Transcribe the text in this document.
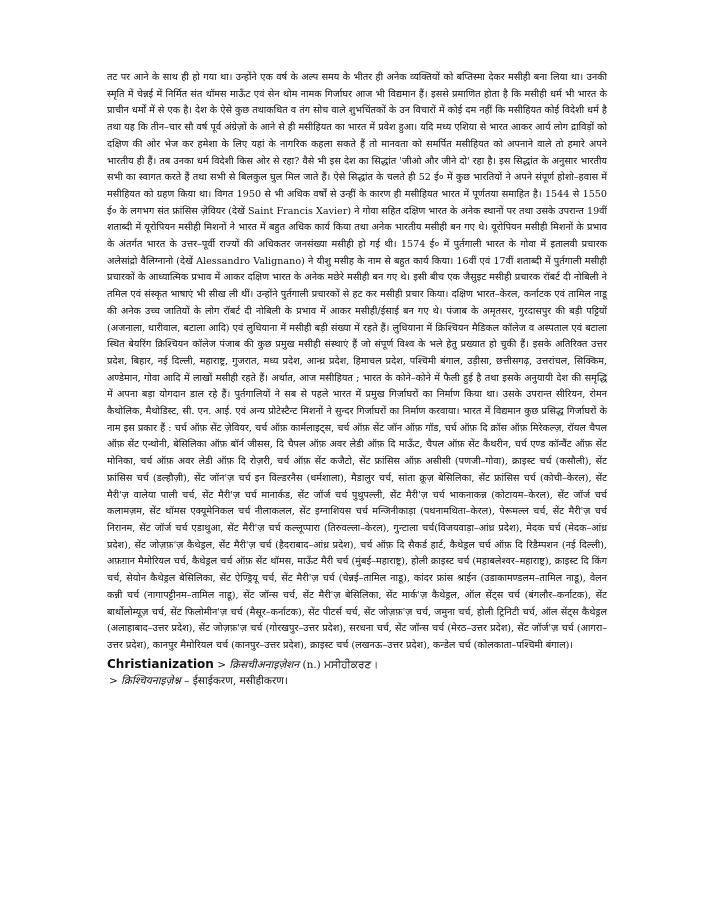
तट पर आने के साथ ही हो गया था। उन्होंने एक वर्ष के अल्प समय के भीतर ही अनेक व्यक्तियों को बप्तिस्मा देकर मसीही बना लिया था। उनकी स्मृति में चेन्नई में निर्मित संत थॉमस माऊँट एवं सेन थोम नामक गिर्जाघर आज भी विद्यमान हैं। इससे प्रमाणित होता है कि मसीही धर्म भी भारत के प्राचीन धर्मों में से एक है। देश के ऐसे कुछ तथाकथित व तंग सोच वाले शुभचिंतकों के उन विचारों में कोई दम नहीं कि मसीहियत कोई विदेशी धर्म है तथा यह कि तीन–चार सौ वर्ष पूर्व अंग्रेज़ों के आने से ही मसीहियत का भारत में प्रवेश हुआ। यदि मध्य एशिया से भारत आकर आर्य लोग द्राविड़ों को दक्षिण की ओर भेज कर हमेशा के लिए यहां के नागरिक कहला सकते हैं तो मानवता को समर्पित मसीहियत को अपनाने वाले तो हमारे अपने भारतीय ही हैं। तब उनका धर्म विदेशी किस ओर से रहा? वैसे भी इस देश का सिद्धांत 'जीओ और जीने दो' रहा है। इस सिद्धांत के अनुसार भारतीय सभी का स्वागत करते हैं तथा सभी से बिलकुल घुल मिल जाते हैं। ऐसे सिद्धांत के चलते ही 52 ई० में कुछ भारतियों ने अपने संपूर्ण होशो–हवास में मसीहियत को ग्रहण किया था। विगत 1950 से भी अधिक वर्षों से उन्हीं के कारण ही मसीहियत भारत में पूर्णतया समाहित है। 1544 से 1550 ई० के लगभग संत फ्रांसिस ज़ेवियर (देखें Saint Francis Xavier) ने गोवा सहित दक्षिण भारत के अनेक स्थानों पर तथा उसके उपरान्त 19वीं शताब्दी में यूरोपियन मसीही मिशनों ने भारत में बहुत अधिक कार्य किया तथा अनेक भारतीय मसीही बन गए थे। यूरोपियन मसीही मिशनों के प्रभाव के अंतर्गत भारत के उत्तर–पूर्वी राज्यों की अधिकतर जनसंख्या मसीही हो गई थी। 1574 ई० में पुर्तगाली भारत के गोवा में इतालवी प्रचारक अलेसांद्रो वैलिग्नानो (देखें Alessandro Valignano) ने यीशु मसीह के नाम से बहुत कार्य किया। 16वीं एवं 17वीं शताब्दी में पुर्तगाली मसीही प्रचारकों के आध्यात्मिक प्रभाव में आकर दक्षिण भारत के अनेक मछेरे मसीही बन गए थे। इसी बीच एक जैसुइट मसीही प्रचारक रॉबर्ट दी नोबिली ने तमिल एवं संस्कृत भाषाएं भी सीख ली थीं। उन्होंने पुर्तगाली प्रचारकों से हट कर मसीही प्रचार किया। दक्षिण भारत–केरल, कर्नाटक एवं तामिल नाडू की अनेक उच्च जातियों के लोग रॉबर्ट दी नोबिली के प्रभाव में आकर मसीही/ईसाई बन गए थे। पंजाब के अमृतसर, गुरदासपुर की बड़ी पट्टियों (अजनाला, धारीवाल, बटाला आदि) एवं लुधियाना में मसीही बड़ी संख्या में रहते हैं। लुधियाना में क्रिश्चियन मैडिकल कॉलेज व अस्पताल एवं बटाला स्थित बेयरिंग क्रिश्चियन कॉलेज पंजाब की कुछ प्रमुख मसीही संस्थाएं हैं जो संपूर्ण विश्व के भले हेतु प्रख्यात हो चुकी हैं। इसके अतिरिक्त उत्तर प्रदेश, बिहार, नई दिल्ली, महाराष्ट्र, गुजरात, मध्य प्रदेश, आन्ध्र प्रदेश, हिमाचल प्रदेश, पश्चिमी बंगाल, उड़ीसा, छत्तीसगढ़, उत्तरांचल, सिक्किम, अण्डेमान, गोवा आदि में लाखों मसीही रहते हैं। अर्थात, आज मसीहियत ; भारत के कोने–कोने में फैली हुई है तथा इसके अनुयायी देश की समृद्धि में अपना बड़ा योगदान डाल रहे हैं। पुर्तगालियों ने सब से पहले भारत में प्रमुख गिर्जाघरों का निर्माण किया था। उसके उपरान्त सीरियन, रोमन कैथोलिक, मैथोडिस्ट, सी. एन. आई. एवं अन्य प्रोटेस्टैन्ट मिशनों ने सुन्दर गिर्जाघरों का निर्माण करवाया। भारत में विद्यमान कुछ प्रसिद्ध गिर्जाघरों के नाम इस प्रकार हैं : चर्च ऑफ़ सेंट ज़ेवियर, चर्च ऑफ़ कार्मलाइट्स, चर्च ऑफ़ सेंट जॉन ऑफ़ गॉड, चर्च ऑफ़ दि क्रॉस ऑफ़ मिरेकल्ज़, रॉयल चैपल ऑफ़ सेंट एन्थोनी, बेसिलिका ऑफ़ बॉर्न जीसस, दि चैपल ऑफ़ अवर लेडी ऑफ़ दि माऊँट, चैपल ऑफ़ सेंट कैथरीन, चर्च एण्ड कॉन्वैंट ऑफ़ सेंट मोनिका, चर्च ऑफ़ अवर लेडी ऑफ़ दि रोज़री, चर्च ऑफ़ सेंट कजैटो, सेंट फ्रांसिस ऑफ़ असीसी (पणजी–गोवा), क्राइस्ट चर्च (कसौली), सेंट फ्रांसिस चर्च (डल्हौज़ी), सेंट जॉन'ज़ चर्च इन विल्डरनैस (धर्मशाला), मैडालुर चर्च, सांता क्रूज़ बेसिलिका, सेंट फ्रांसिस चर्च (कोची–केरल), सेंट मैरी'ज़ वालेया पाली चर्च, सेंट मैरी'ज़ चर्च मानार्कड, सेंट जॉर्ज चर्च पुथुपल्ली, सेंट मैरी'ज़ चर्च भाकनाकन्न (कोटायम–केरल), सेंट जॉर्ज चर्च कलामज़म, सेंट थॉमस एक्यूमेनिकल चर्च नीलाकलल, सेंट इग्नाशियस चर्च मन्जिनीकाड़ा (पथनामथिता–केरल), पेरूमल्ल चर्च, सेंट मैरी'ज़ चर्च निरानम, सेंट जॉर्ज चर्च एडाथुआ, सेंट मैरी'ज़ चर्च कल्लूप्पारा (तिरुवल्ला–केरल), गुन्टाला चर्च(विजयवाड़ा–आंध्र प्रदेश), मेदक चर्च (मेदक–आंध्र प्रदेश), सेंट जोज़फ़'ज़ कैथेड्रल, सेंट मैरी'ज़ चर्च (हैदराबाद–आंध्र प्रदेश), चर्च ऑफ़ दि सैकर्ड हार्ट, कैथेड्रल चर्च ऑफ़ दि रिडैम्पशन (नई दिल्ली), अफ़ग़ान मैमोरियल चर्च, कैथेड्रल चर्च ऑफ़ सेंट थॉमस, माऊँट मैरी चर्च (मुंबई–महाराष्ट्र), होली क्राइस्ट चर्च (महाबलेश्वर–महाराष्ट्र), क्राइस्ट दि किंग चर्च, सेयोन कैथेड्रल बेसिलिका, सेंट ऐण्ड्रियू चर्च, सेंट मैरी'ज़ चर्च (चेन्नई–तामिल नाडू), कांदर फ्रांस श्राईन (उडाकामण्डलम–तामिल नाडू), वेलन कन्नी चर्च (नागापट्टीनम–तामिल नाडू), सेंट जॉन्स चर्च, सेंट मैरी'ज़ बेसिलिका, सेंट मार्क'ज़ कैथेड्रल, ऑल सेंट्स चर्च (बंगलौर–कर्नाटक), सेंट बार्थोलोम्यूज़ चर्च, सेंट फिलोमीन'ज़ चर्च (मैसूर–कर्नाटक), सेंट पीटर्स चर्च, सेंट जोज़फ़'ज़ चर्च, जमुना चर्च, होली ट्रिनिटी चर्च, ऑल सेंट्स कैथेड्रल (अलाहाबाद–उत्तर प्रदेश), सेंट जोज़फ़'ज़ चर्च (गोरखपुर–उत्तर प्रदेश), सरधना चर्च, सेंट जॉन्स चर्च (मेरठ–उत्तर प्रदेश), सेंट जॉर्ज'ज़ चर्च (आगरा–उत्तर प्रदेश), कानपुर मैमोरियल चर्च (कानपुर–उत्तर प्रदेश), क्राइस्ट चर्च (लखनऊ–उत्तर प्रदेश), कन्डेल चर्च (कोलकाता–पश्चिमी बंगाल)।

Christianization > क्रिसचीअनाइज़ेशन (n.) ਮਸੀਹੀਕਰਣ।
> क्रिश्चियनाइज़ेश्न – ईसाईकरण, मसीहीकरण।
